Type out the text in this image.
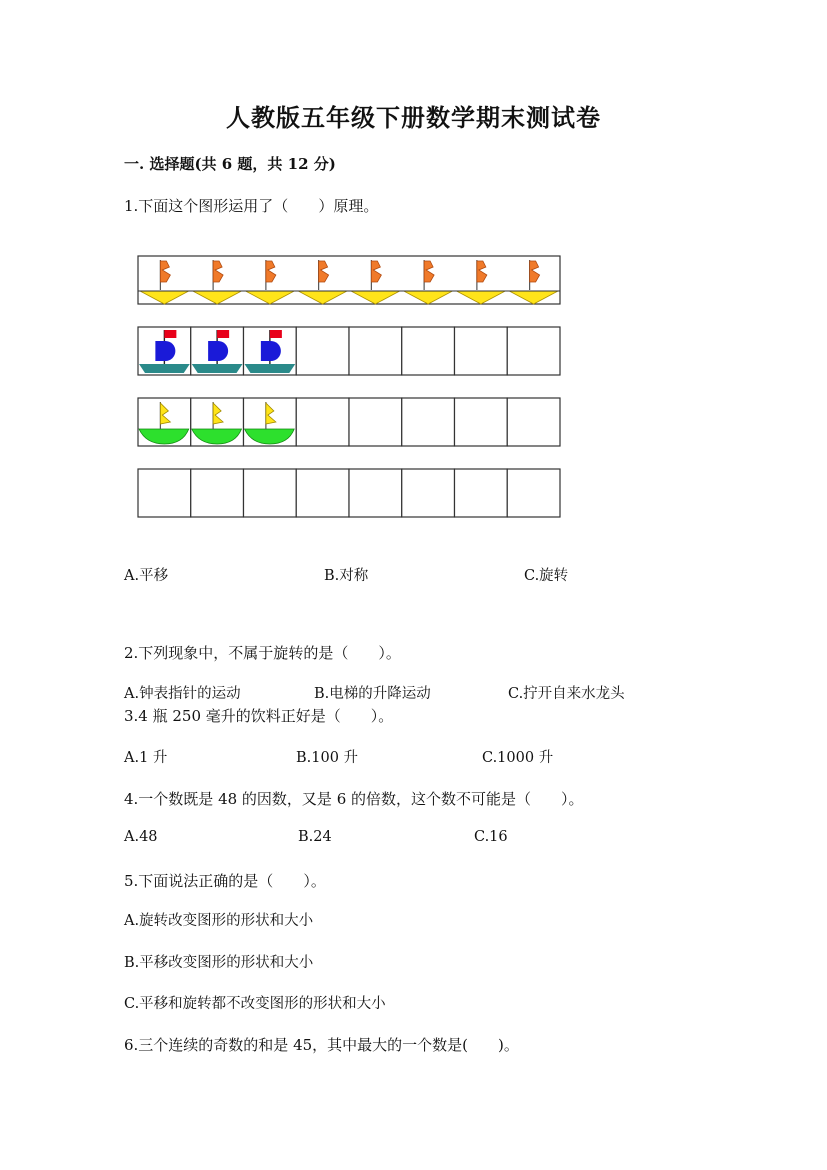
人教版五年级下册数学期末测试卷
一. 选择题(共 6 题，共 12 分)
1.下面这个图形运用了（　　）原理。
A.平移	B.对称	C.旋转
2.下列现象中，不属于旋转的是（　　）。
A.钟表指针的运动	B.电梯的升降运动	C.拧开自来水龙头
3.4 瓶 250 毫升的饮料正好是（　　）。
A.1 升	B.100 升	C.1000 升
4.一个数既是 48 的因数，又是 6 的倍数，这个数不可能是（　　）。
A.48	B.24	C.16
5.下面说法正确的是（　　）。
A.旋转改变图形的形状和大小
B.平移改变图形的形状和大小
C.平移和旋转都不改变图形的形状和大小
6.三个连续的奇数的和是 45，其中最大的一个数是(　　)。
